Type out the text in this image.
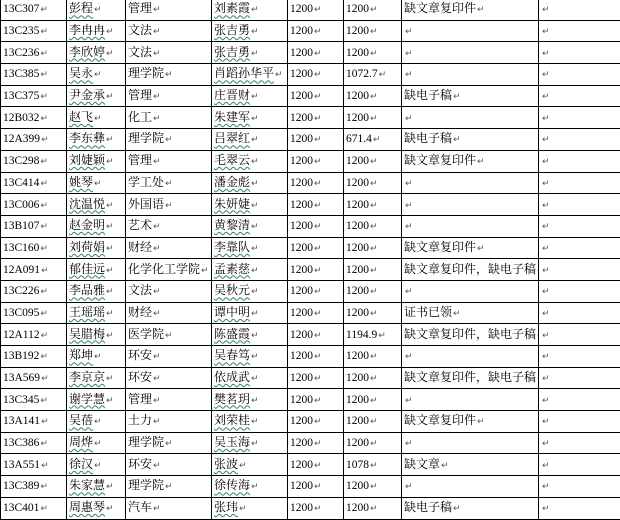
13C307↵	彭程↵	管理↵	刘素霞↵	1200↵	1200↵	缺文章复印件↵	↵
13C235↵	李冉冉↵	文法↵	张吉勇↵	1200↵	1200↵	↵	↵
13C236↵	李欣婷↵	文法↵	张吉勇↵	1200↵	1200↵	↵	↵
13C385↵	吴永↵	理学院↵	肖蹈孙华平↵	1200↵	1072.7↵	↵	↵
13C375↵	尹金承↵	管理↵	庄晋财↵	1200↵	1200↵	缺电子稿↵	↵
12B032↵	赵飞↵	化工↵	朱建军↵	1200↵	1200↵	↵	↵
12A399↵	李东彝↵	理学院↵	吕翠红↵	1200↵	671.4↵	缺电子稿↵	↵
13C298↵	刘婕颖↵	管理↵	毛翠云↵	1200↵	1200↵	缺文章复印件↵	↵
13C414↵	姚琴↵	学工处↵	潘金彪↵	1200↵	1200↵	↵	↵
13C006↵	沈温悦↵	外国语↵	朱妍婕↵	1200↵	1200↵	↵	↵
13B107↵	赵金明↵	艺术↵	黄黎清↵	1200↵	1200↵	↵	↵
13C160↵	刘荷娟↵	财经↵	李靠队↵	1200↵	1200↵	缺文章复印件↵	↵
12A091↵	郁佳远↵	化学化工学院↵	孟素慈↵	1200↵	1200↵	缺文章复印件，缺电子稿	↵
13C226↵	李品雅↵	文法↵	吴秋元↵	1200↵	1200↵	↵	↵
13C095↵	王瑶瑶↵	财经↵	谭中明↵	1200↵	1200↵	证书已领↵	↵
12A112↵	吴腊梅↵	医学院↵	陈盛霞↵	1200↵	1194.9↵	缺文章复印件，缺电子稿	↵
13B192↵	郑坤↵	环安↵	吴春笃↵	1200↵	1200↵	↵	↵
13A569↵	李京京↵	环安↵	依成武↵	1200↵	1200↵	缺文章复印件，缺电子稿	↵
13C345↵	谢学慧↵	管理↵	樊茗玥↵	1200↵	1200↵	↵	↵
13A141↵	吴蓓↵	土力↵	刘荣桂↵	1200↵	1200↵	缺文章复印件↵	↵
13C386↵	周烨↵	理学院↵	吴玉海↵	1200↵	1200↵	↵	↵
13A551↵	徐汉↵	环安↵	张波↵	1200↵	1078↵	缺文章↵	↵
13C389↵	朱家慧↵	理学院↵	徐传海↵	1200↵	1200↵	↵	↵
13C401↵	周惠琴↵	汽车↵	张玮↵	1200↵	1200↵	缺电子稿↵	↵
